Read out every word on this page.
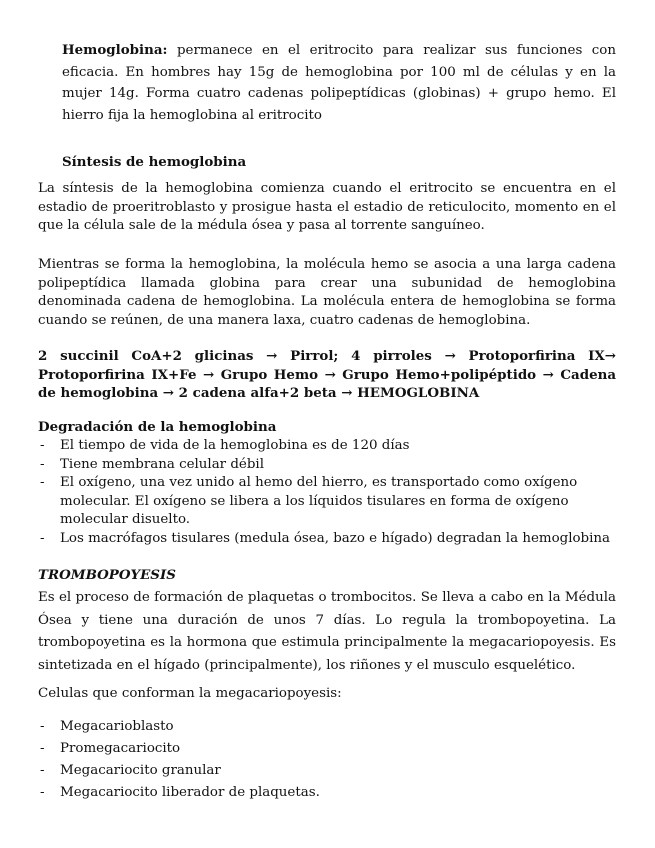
Hemoglobina: permanece en el eritrocito para realizar sus funciones con eficacia. En hombres hay 15g de hemoglobina por 100 ml de células y en la mujer 14g. Forma cuatro cadenas polipeptídicas (globinas) + grupo hemo. El hierro fija la hemoglobina al eritrocito

Síntesis de hemoglobina

La síntesis de la hemoglobina comienza cuando el eritrocito se encuentra en el estadio de proeritroblasto y prosigue hasta el estadio de reticulocito, momento en el que la célula sale de la médula ósea y pasa al torrente sanguíneo.

Mientras se forma la hemoglobina, la molécula hemo se asocia a una larga cadena polipeptídica llamada globina para crear una subunidad de hemoglobina denominada cadena de hemoglobina. La molécula entera de hemoglobina se forma cuando se reúnen, de una manera laxa, cuatro cadenas de hemoglobina.

2 succinil CoA+2 glicinas → Pirrol; 4 pirroles → Protoporfirina IX→ Protoporfirina IX+Fe → Grupo Hemo → Grupo Hemo+polipéptido → Cadena de hemoglobina → 2 cadena alfa+2 beta → HEMOGLOBINA

Degradación de la hemoglobina

- El tiempo de vida de la hemoglobina es de 120 días
- Tiene membrana celular débil
- El oxígeno, una vez unido al hemo del hierro, es transportado como oxígeno molecular. El oxígeno se libera a los líquidos tisulares en forma de oxígeno molecular disuelto.
- Los macrófagos tisulares (medula ósea, bazo e hígado) degradan la hemoglobina

TROMBOPOYESIS

Es el proceso de formación de plaquetas o trombocitos. Se lleva a cabo en la Médula Ósea y tiene una duración de unos 7 días. Lo regula la trombopoyetina. La trombopoyetina es la hormona que estimula principalmente la megacariopoyesis. Es sintetizada en el hígado (principalmente), los riñones y el musculo esquelético.

Celulas que conforman la megacariopoyesis:

- Megacarioblasto
- Promegacariocito
- Megacariocito granular
- Megacariocito liberador de plaquetas.
